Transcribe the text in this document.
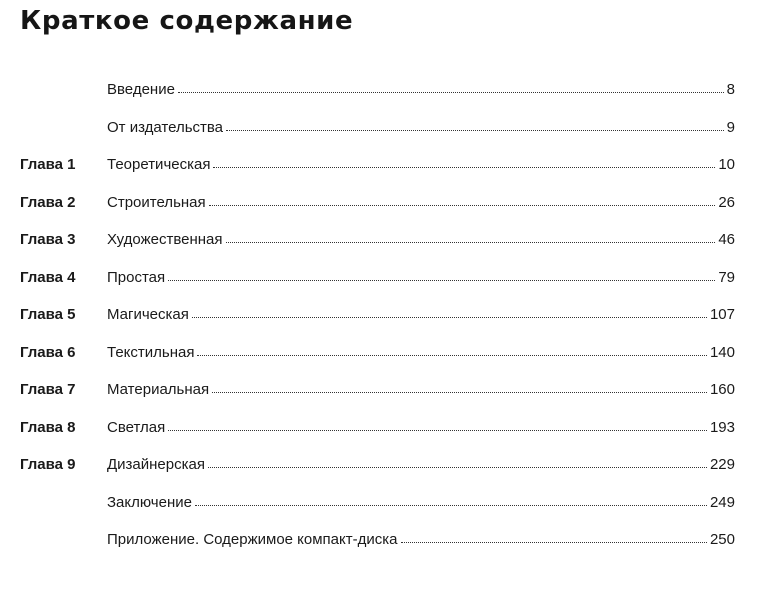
Краткое содержание
Введение	8
От издательства	9
Глава 1 Теоретическая	10
Глава 2 Строительная	26
Глава 3 Художественная	46
Глава 4 Простая	79
Глава 5 Магическая	107
Глава 6 Текстильная	140
Глава 7 Материальная	160
Глава 8 Светлая	193
Глава 9 Дизайнерская	229
Заключение	249
Приложение. Содержимое компакт-диска	250
